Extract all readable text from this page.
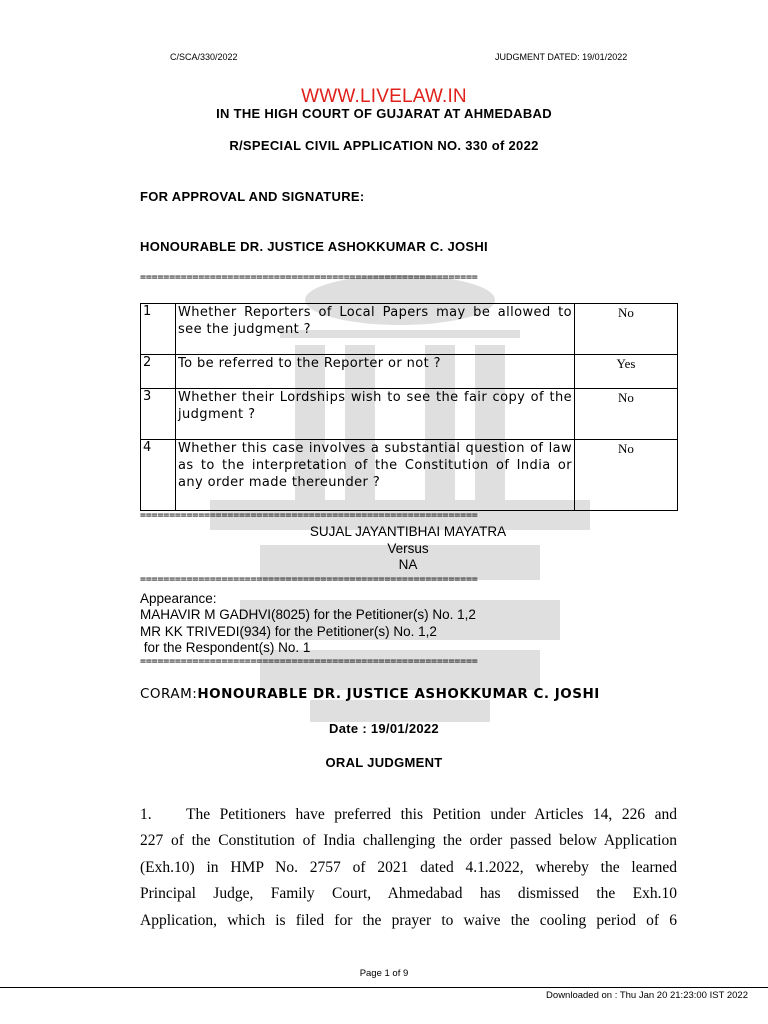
C/SCA/330/2022	JUDGMENT DATED: 19/01/2022
WWW.LIVELAW.IN
IN THE HIGH COURT OF GUJARAT AT AHMEDABAD
R/SPECIAL CIVIL APPLICATION NO. 330 of 2022
FOR APPROVAL AND SIGNATURE:
HONOURABLE DR. JUSTICE ASHOKKUMAR C. JOSHI
==========================================================
1	Whether Reporters of Local Papers may be allowed to see the judgment ?	No
2	To be referred to the Reporter or not ?	Yes
3	Whether their Lordships wish to see the fair copy of the judgment ?	No
4	Whether this case involves a substantial question of law as to the interpretation of the Constitution of India or any order made thereunder ?	No
==========================================================
SUJAL JAYANTIBHAI MAYATRA
Versus
NA
==========================================================
Appearance:
MAHAVIR M GADHVI(8025) for the Petitioner(s) No. 1,2
MR KK TRIVEDI(934) for the Petitioner(s) No. 1,2
for the Respondent(s) No. 1
==========================================================
CORAM:HONOURABLE DR. JUSTICE ASHOKKUMAR C. JOSHI
Date : 19/01/2022
ORAL JUDGMENT
1. The Petitioners have preferred this Petition under Articles 14, 226 and
227 of the Constitution of India challenging the order passed below Application
(Exh.10) in HMP No. 2757 of 2021 dated 4.1.2022, whereby the learned
Principal Judge, Family Court, Ahmedabad has dismissed the Exh.10
Application, which is filed for the prayer to waive the cooling period of 6
Page 1 of 9
Downloaded on : Thu Jan 20 21:23:00 IST 2022
